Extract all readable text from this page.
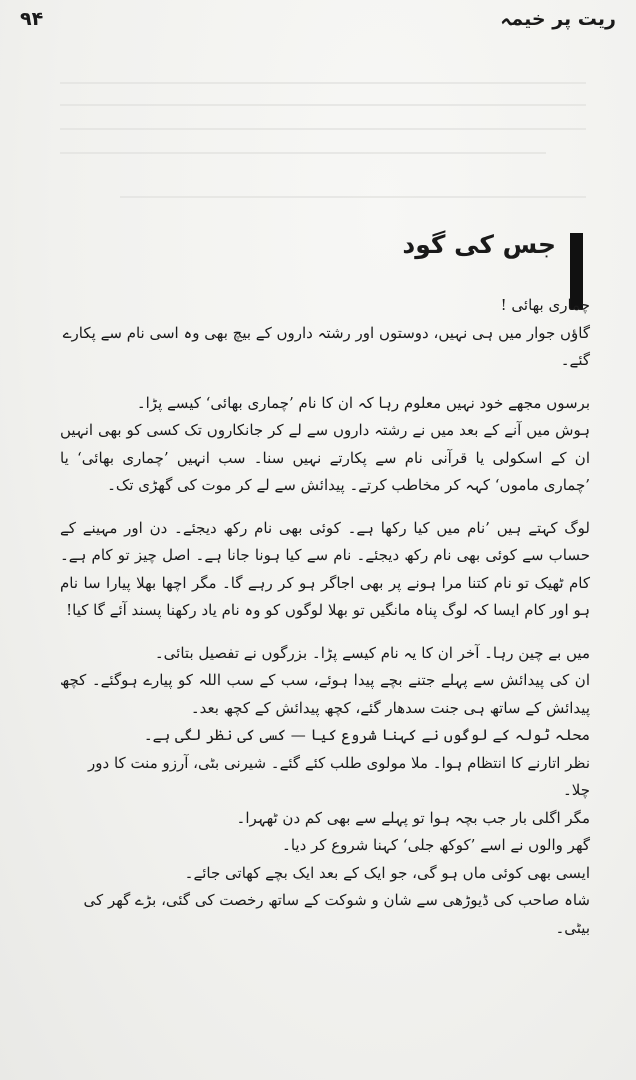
ریت پر خیمہ
۹۴
جس کی گود

چماری بھائی !

گاؤں جوار میں ہی نہیں، دوستوں اور رشتہ داروں کے بیچ بھی وہ اسی نام سے پکارے گئے۔

برسوں مجھے خود نہیں معلوم رہا کہ ان کا نام ’چماری بھائی‘ کیسے پڑا۔

ہوش میں آنے کے بعد میں نے رشتہ داروں سے لے کر جانکاروں تک کسی کو بھی انہیں ان کے اسکولی یا قرآنی نام سے پکارتے نہیں سنا۔ سب انہیں ’چماری بھائی‘ یا ’چماری ماموں‘ کہہ کر مخاطب کرتے۔ پیدائش سے لے کر موت کی گھڑی تک۔

لوگ کہتے ہیں ’نام میں کیا رکھا ہے۔ کوئی بھی نام رکھ دیجئے۔ دن اور مہینے کے حساب سے کوئی بھی نام رکھ دیجئے۔ نام سے کیا ہونا جانا ہے۔ اصل چیز تو کام ہے۔ کام ٹھیک تو نام کتنا مرا ہونے پر بھی اجاگر ہو کر رہے گا۔ مگر اچھا بھلا پیارا سا نام ہو اور کام ایسا کہ لوگ پناہ مانگیں تو بھلا لوگوں کو وہ نام یاد رکھنا پسند آئے گا کیا!

میں بے چین رہا۔ آخر ان کا یہ نام کیسے پڑا۔ بزرگوں نے تفصیل بتائی۔

ان کی پیدائش سے پہلے جتنے بچے پیدا ہوئے، سب کے سب اللہ کو پیارے ہوگئے۔ کچھ پیدائش کے ساتھ ہی جنت سدھار گئے، کچھ پیدائش کے کچھ بعد۔

محلہ ٹولہ کے لوگوں نے کہنا شروع کیا — کسی کی نظر لگی ہے۔

نظر اتارنے کا انتظام ہوا۔ ملا مولوی طلب کئے گئے۔ شیرنی بٹی، آرزو منت کا دور چلا۔

مگر اگلی بار جب بچہ ہوا تو پہلے سے بھی کم دن ٹھہرا۔

گھر والوں نے اسے ’کوکھ جلی‘ کہنا شروع کر دیا۔

ایسی بھی کوئی ماں ہو گی، جو ایک کے بعد ایک بچے کھاتی جائے۔

شاہ صاحب کی ڈیوڑھی سے شان و شوکت کے ساتھ رخصت کی گئی، بڑے گھر کی بیٹی۔
